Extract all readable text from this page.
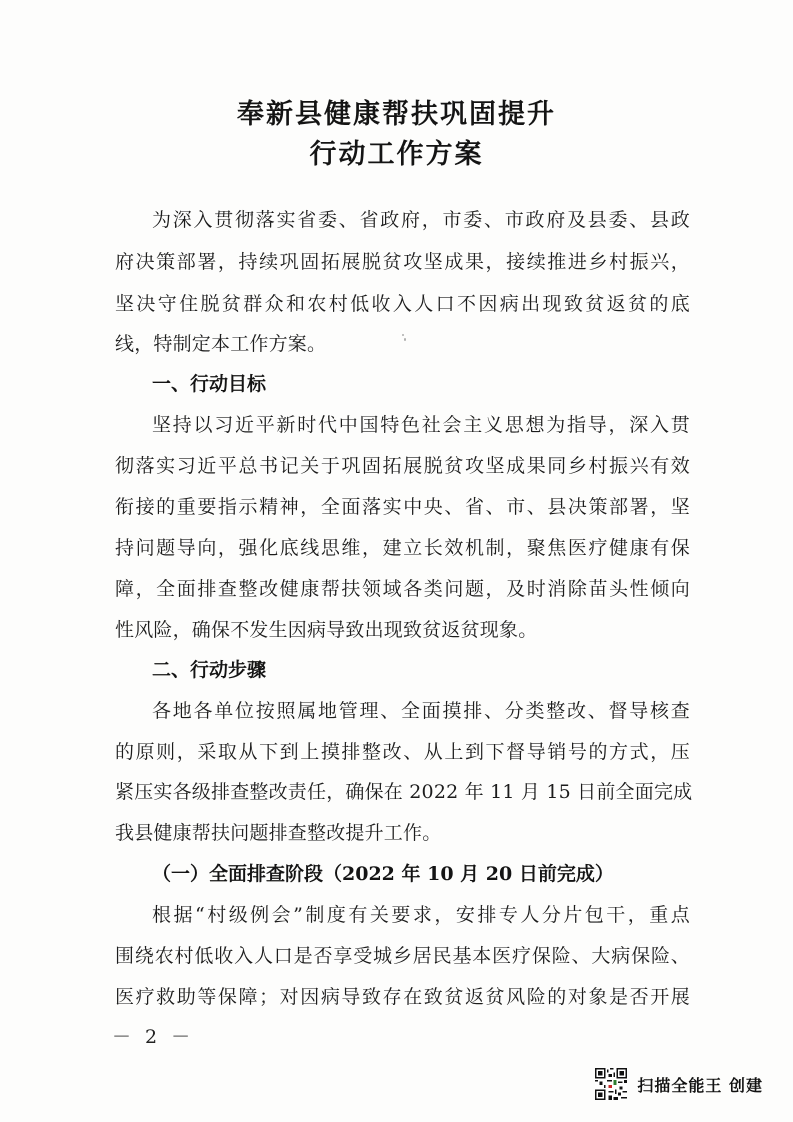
奉新县健康帮扶巩固提升
行动工作方案
为深入贯彻落实省委、省政府，市委、市政府及县委、县政
府决策部署，持续巩固拓展脱贫攻坚成果，接续推进乡村振兴，
坚决守住脱贫群众和农村低收入人口不因病出现致贫返贫的底
线，特制定本工作方案。
一、行动目标
坚持以习近平新时代中国特色社会主义思想为指导，深入贯
彻落实习近平总书记关于巩固拓展脱贫攻坚成果同乡村振兴有效
衔接的重要指示精神，全面落实中央、省、市、县决策部署，坚
持问题导向，强化底线思维，建立长效机制，聚焦医疗健康有保
障，全面排查整改健康帮扶领域各类问题，及时消除苗头性倾向
性风险，确保不发生因病导致出现致贫返贫现象。
二、行动步骤
各地各单位按照属地管理、全面摸排、分类整改、督导核查
的原则，采取从下到上摸排整改、从上到下督导销号的方式，压
紧压实各级排查整改责任，确保在 2022 年 11 月 15 日前全面完成
我县健康帮扶问题排查整改提升工作。
（一）全面排查阶段（2022 年 10 月 20 日前完成）
根据“村级例会”制度有关要求，安排专人分片包干，重点
围绕农村低收入人口是否享受城乡居民基本医疗保险、大病保险、
医疗救助等保障；对因病导致存在致贫返贫风险的对象是否开展
－ 2 －
扫描全能王 创建
